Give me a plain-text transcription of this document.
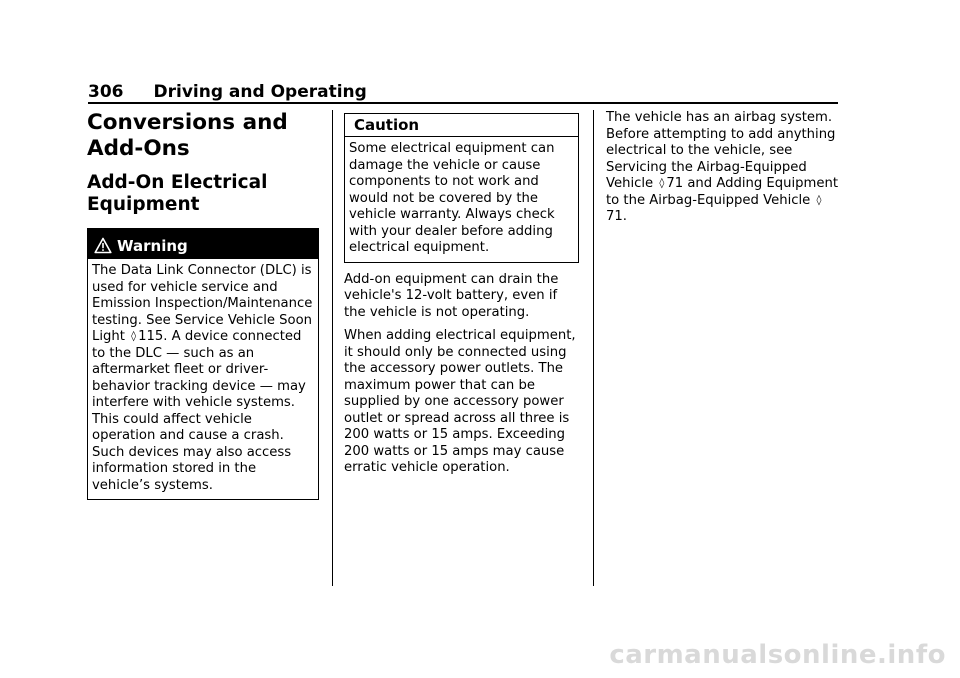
306 Driving and Operating
Conversions and Add-Ons
Add-On Electrical Equipment
Warning
The Data Link Connector (DLC) is used for vehicle service and Emission Inspection/Maintenance testing. See Service Vehicle Soon Light ◊ 115. A device connected to the DLC — such as an aftermarket fleet or driver-behavior tracking device — may interfere with vehicle systems. This could affect vehicle operation and cause a crash. Such devices may also access information stored in the vehicle’s systems.
Caution
Some electrical equipment can damage the vehicle or cause components to not work and would not be covered by the vehicle warranty. Always check with your dealer before adding electrical equipment.

Add-on equipment can drain the vehicle's 12-volt battery, even if the vehicle is not operating.

When adding electrical equipment, it should only be connected using the accessory power outlets. The maximum power that can be supplied by one accessory power outlet or spread across all three is 200 watts or 15 amps. Exceeding 200 watts or 15 amps may cause erratic vehicle operation.

The vehicle has an airbag system. Before attempting to add anything electrical to the vehicle, see Servicing the Airbag-Equipped Vehicle ◊ 71 and Adding Equipment to the Airbag-Equipped Vehicle ◊71.

carmanualsonline.info
